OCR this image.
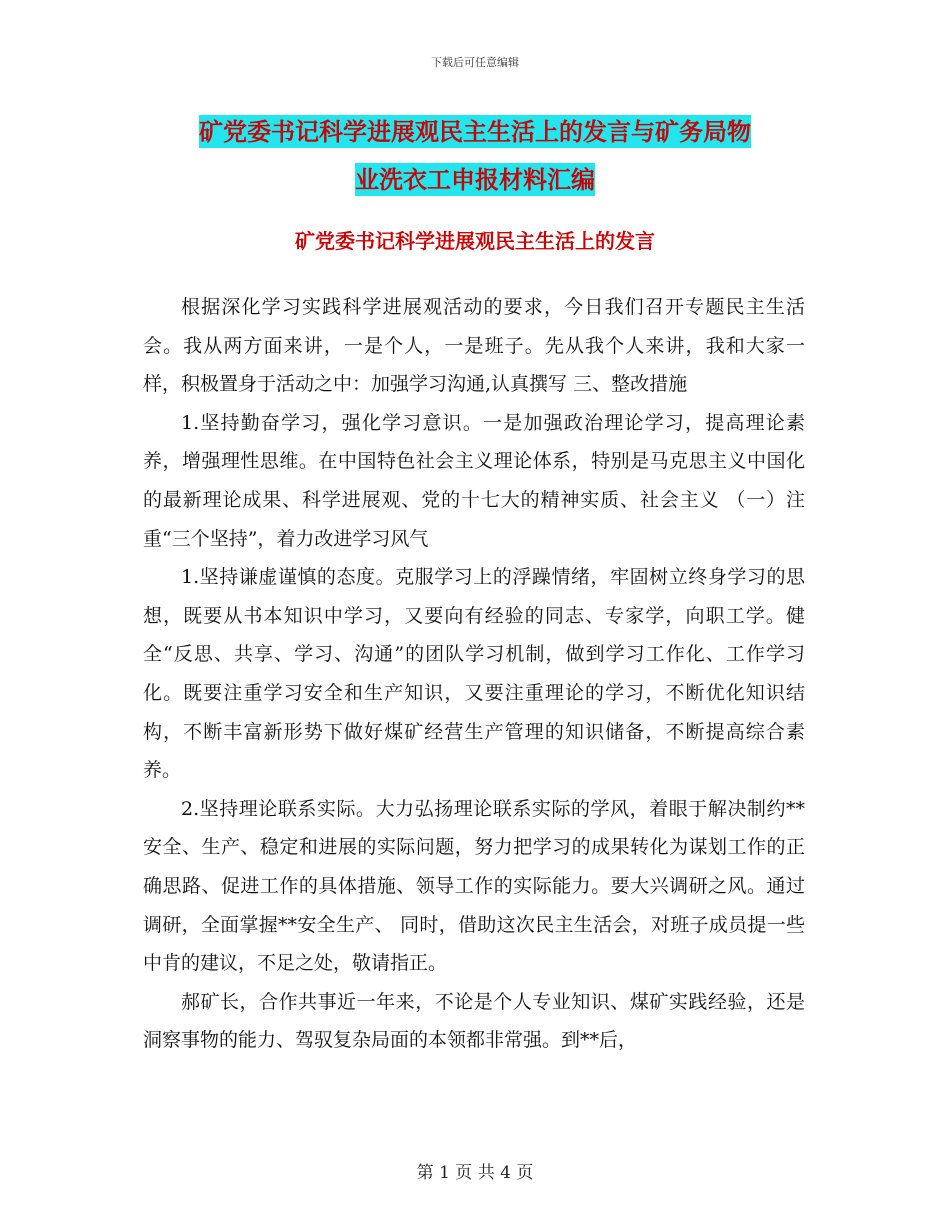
下载后可任意编辑
矿党委书记科学进展观民主生活上的发言与矿务局物
业洗衣工申报材料汇编
矿党委书记科学进展观民主生活上的发言

根据深化学习实践科学进展观活动的要求，今日我们召开专题民主生活会。我从两方面来讲，一是个人，一是班子。先从我个人来讲，我和大家一样，积极置身于活动之中：加强学习沟通,认真撰写 三、整改措施

1.坚持勤奋学习，强化学习意识。一是加强政治理论学习，提高理论素养，增强理性思维。在中国特色社会主义理论体系，特别是马克思主义中国化的最新理论成果、科学进展观、党的十七大的精神实质、社会主义 （一）注重“三个坚持”，着力改进学习风气

1.坚持谦虚谨慎的态度。克服学习上的浮躁情绪，牢固树立终身学习的思想，既要从书本知识中学习，又要向有经验的同志、专家学，向职工学。健全“反思、共享、学习、沟通”的团队学习机制，做到学习工作化、工作学习化。既要注重学习安全和生产知识，又要注重理论的学习，不断优化知识结构，不断丰富新形势下做好煤矿经营生产管理的知识储备，不断提高综合素养。

2.坚持理论联系实际。大力弘扬理论联系实际的学风，着眼于解决制约**安全、生产、稳定和进展的实际问题，努力把学习的成果转化为谋划工作的正确思路、促进工作的具体措施、领导工作的实际能力。要大兴调研之风。通过调研，全面掌握**安全生产、 同时，借助这次民主生活会，对班子成员提一些中肯的建议，不足之处，敬请指正。

郝矿长，合作共事近一年来，不论是个人专业知识、煤矿实践经验，还是洞察事物的能力、驾驭复杂局面的本领都非常强。到**后，

第 1 页 共 4 页
